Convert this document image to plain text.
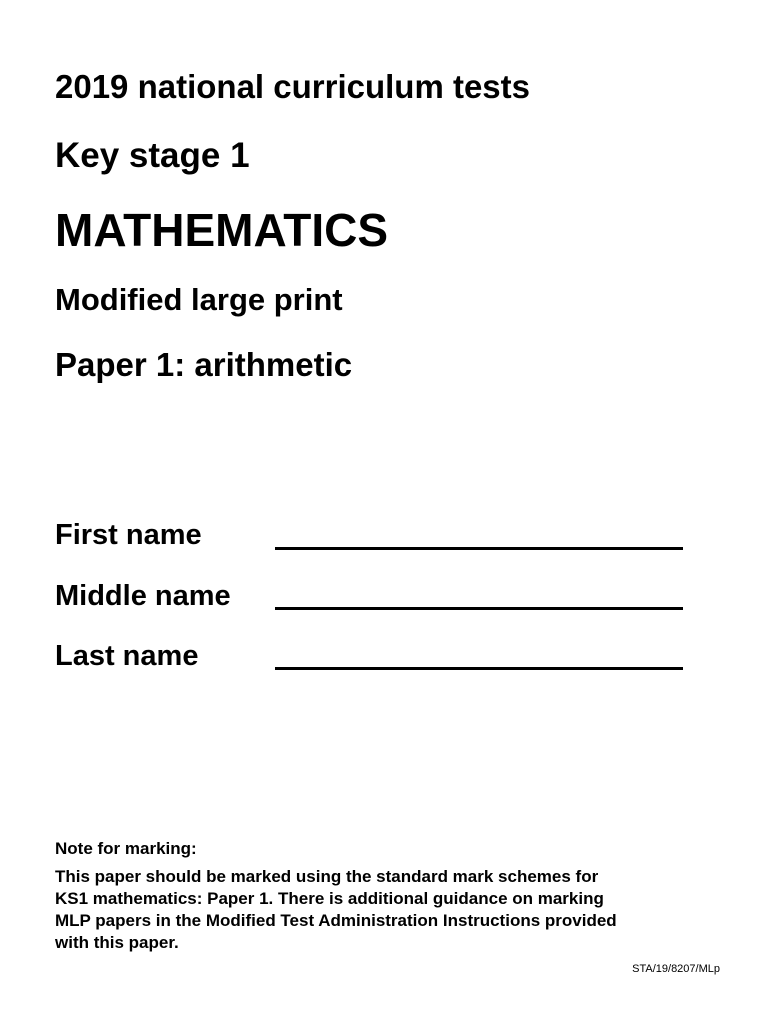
2019 national curriculum tests
Key stage 1
MATHEMATICS
Modified large print
Paper 1: arithmetic
First name
Middle name
Last name
Note for marking:

This paper should be marked using the standard mark schemes for
KS1 mathematics: Paper 1. There is additional guidance on marking
MLP papers in the Modified Test Administration Instructions provided
with this paper.

STA/19/8207/MLp
